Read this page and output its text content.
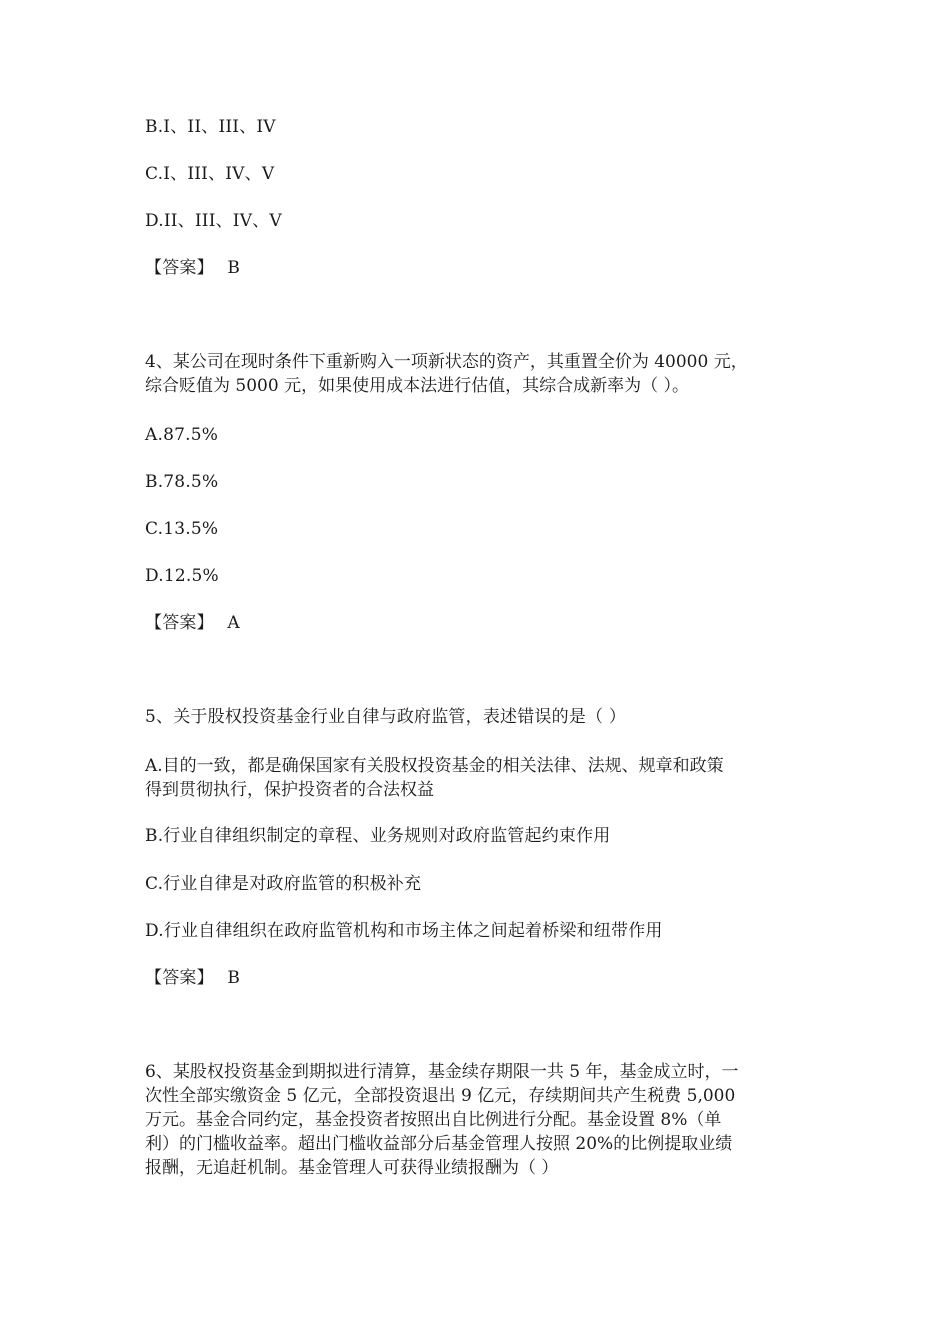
B.I、II、III、IV
C.I、III、IV、V
D.II、III、IV、V
【答案】 B
4、某公司在现时条件下重新购入一项新状态的资产，其重置全价为 40000 元，
综合贬值为 5000 元，如果使用成本法进行估值，其综合成新率为（ ）。
A.87.5%
B.78.5%
C.13.5%
D.12.5%
【答案】 A
5、关于股权投资基金行业自律与政府监管，表述错误的是（ ）
A.目的一致，都是确保国家有关股权投资基金的相关法律、法规、规章和政策
得到贯彻执行，保护投资者的合法权益
B.行业自律组织制定的章程、业务规则对政府监管起约束作用
C.行业自律是对政府监管的积极补充
D.行业自律组织在政府监管机构和市场主体之间起着桥梁和纽带作用
【答案】 B
6、某股权投资基金到期拟进行清算，基金续存期限一共 5 年，基金成立时，一
次性全部实缴资金 5 亿元，全部投资退出 9 亿元，存续期间共产生税费 5,000
万元。基金合同约定，基金投资者按照出自比例进行分配。基金设置 8%（单
利）的门槛收益率。超出门槛收益部分后基金管理人按照 20%的比例提取业绩
报酬，无追赶机制。基金管理人可获得业绩报酬为（ ）
